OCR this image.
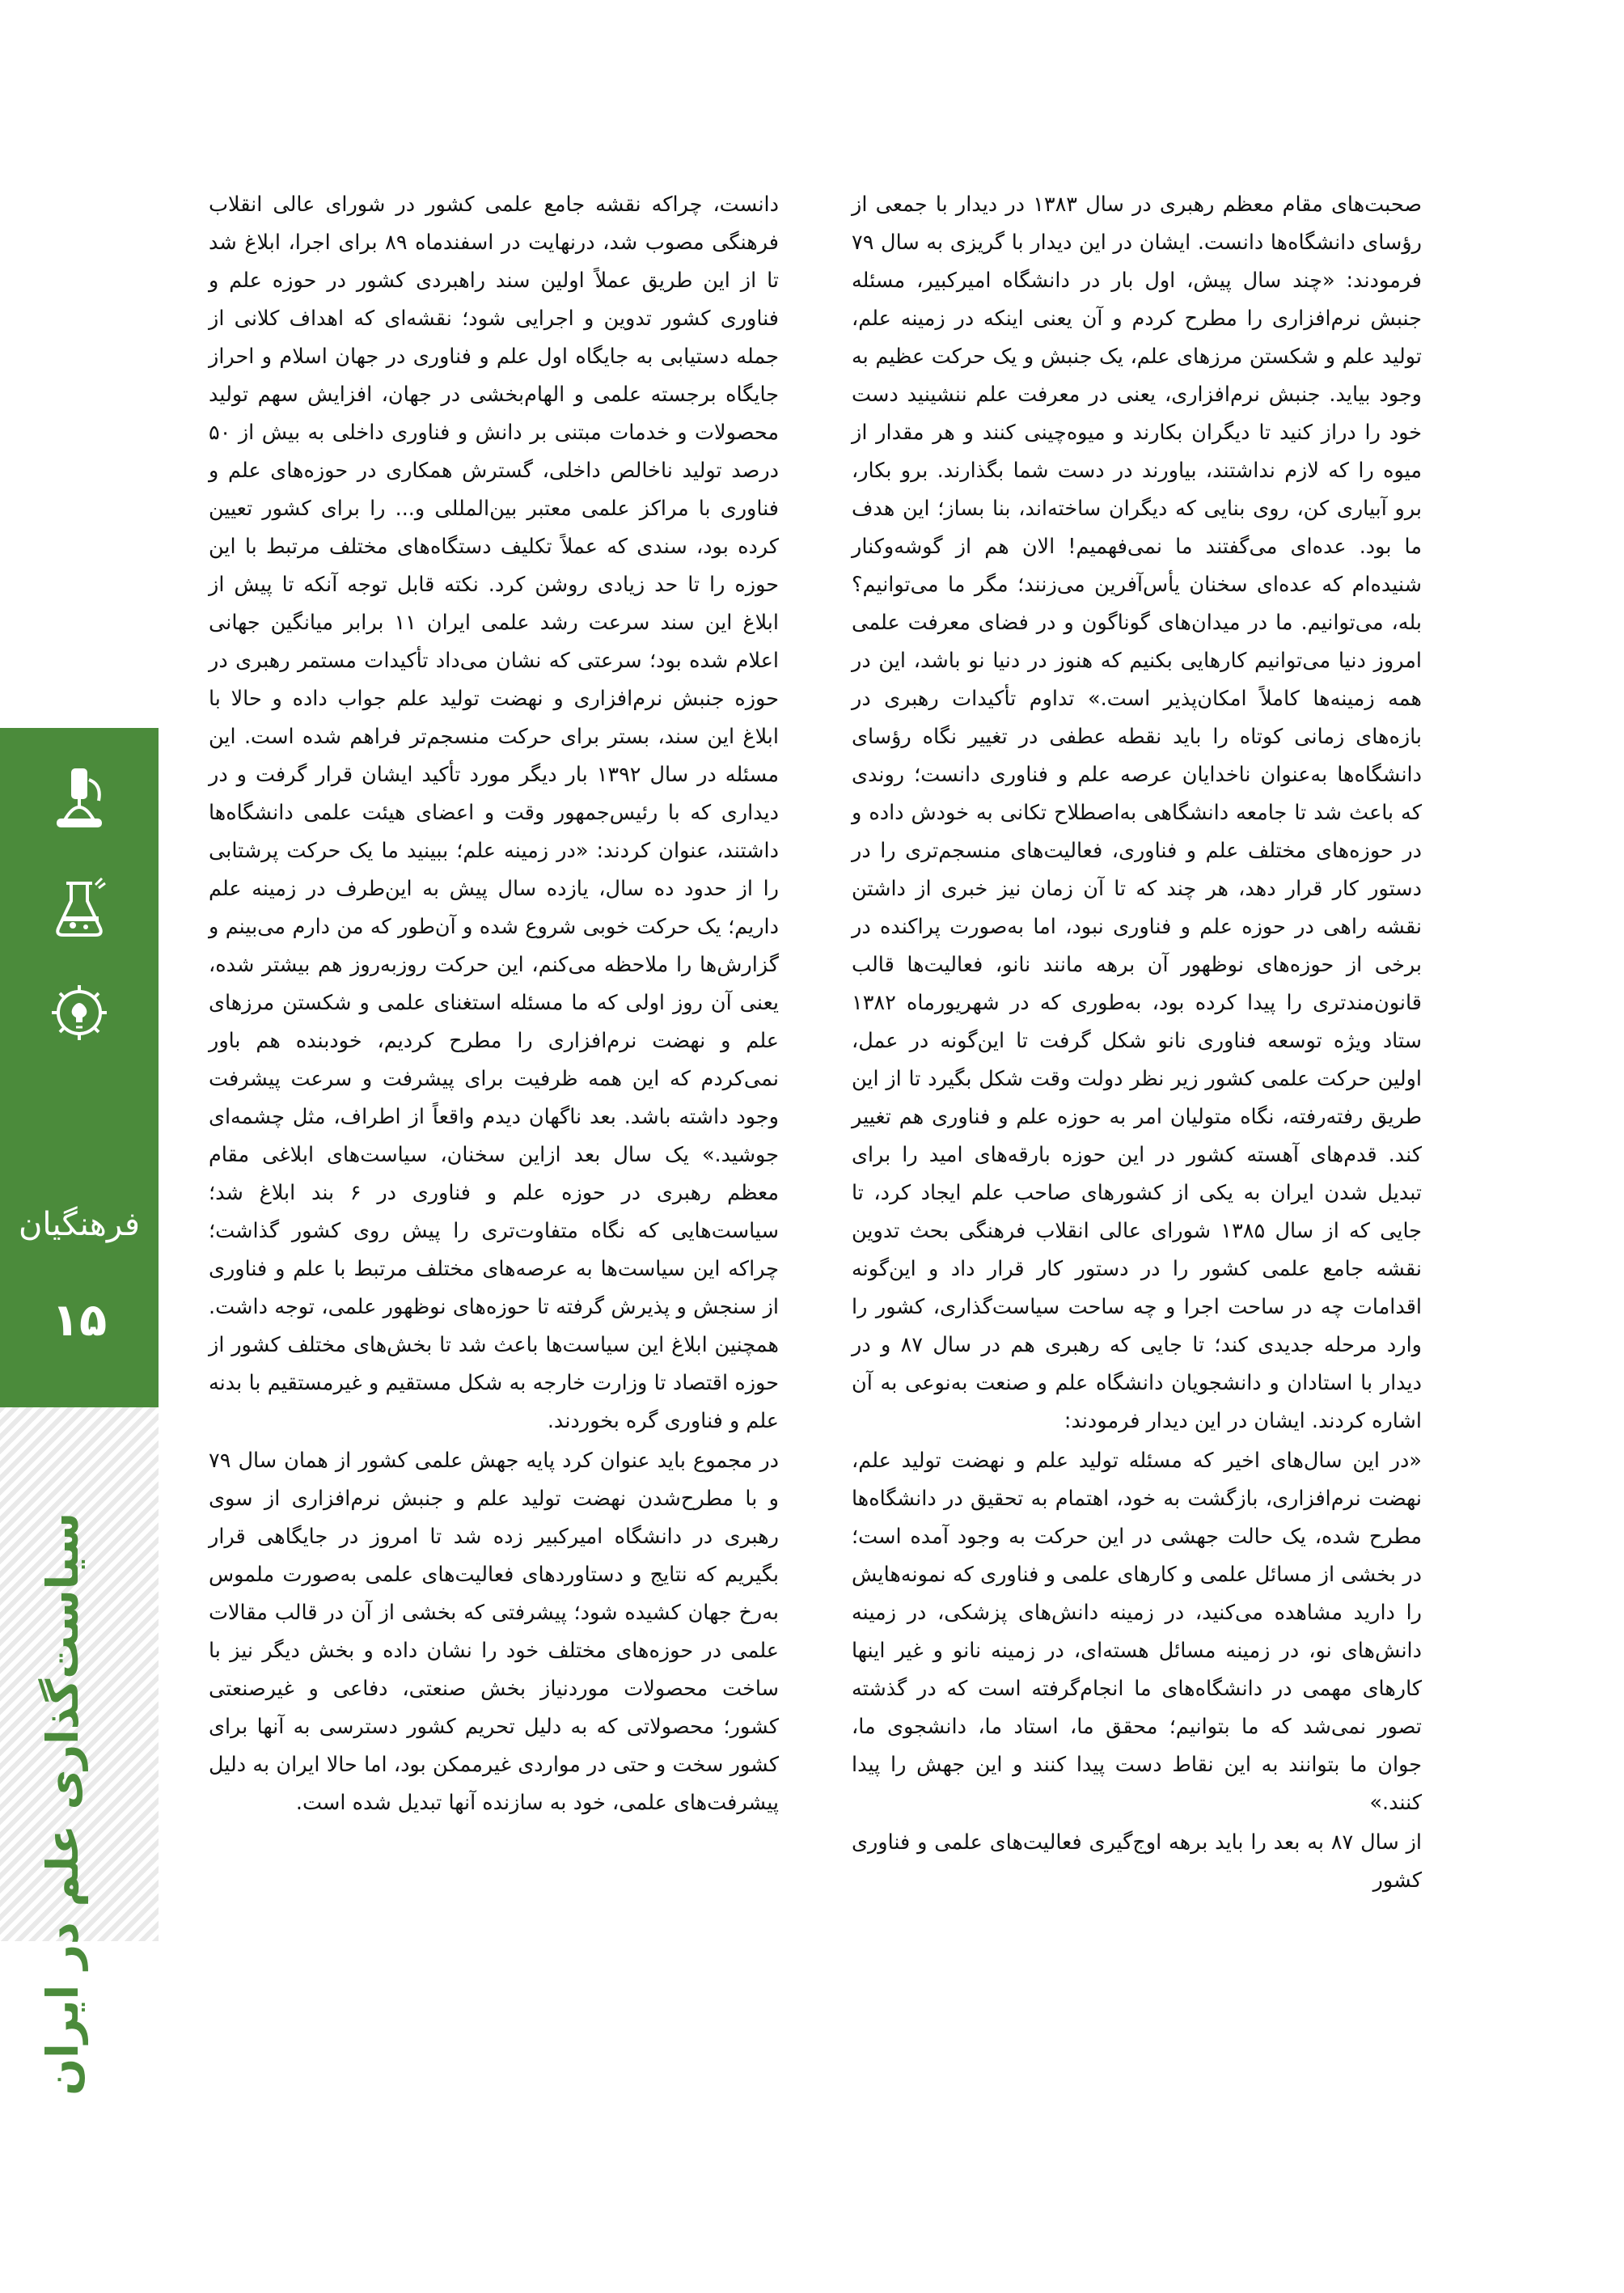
فرهنگیان
۱۵
سیاست‌گذاری علم در ایران

صحبت‌های مقام معظم رهبری در سال ۱۳۸۳ در دیدار با جمعی از رؤسای دانشگاه‌ها دانست. ایشان در این دیدار با گریزی به سال ۷۹ فرمودند: «چند سال پیش، اول بار در دانشگاه امیرکبیر، مسئله جنبش نرم‌افزاری را مطرح کردم و آن یعنی اینکه در زمینه علم، تولید علم و شکستن مرزهای علم، یک جنبش و یک حرکت عظیم به وجود بیاید. جنبش نرم‌افزاری، یعنی در معرفت علم ننشینید دست خود را دراز کنید تا دیگران بکارند و میوه‌چینی کنند و هر مقدار از میوه را که لازم نداشتند، بیاورند در دست شما بگذارند. برو بکار، برو آبیاری کن، روی بنایی که دیگران ساخته‌اند، بنا بساز؛ این هدف ما بود. عده‌ای می‌گفتند ما نمی‌فهمیم! الان هم از گوشه‌وکنار شنیده‌ام که عده‌ای سخنان یأس‌آفرین می‌زنند؛ مگر ما می‌توانیم؟ بله، می‌توانیم. ما در میدان‌های گوناگون و در فضای معرفت علمی امروز دنیا می‌توانیم کارهایی بکنیم که هنوز در دنیا نو باشد، این در همه زمینه‌ها کاملاً امکان‌پذیر است.» تداوم تأکیدات رهبری در بازه‌های زمانی کوتاه را باید نقطه عطفی در تغییر نگاه رؤسای دانشگاه‌ها به‌عنوان ناخدایان عرصه علم و فناوری دانست؛ روندی که باعث شد تا جامعه دانشگاهی به‌اصطلاح تکانی به خودش داده و در حوزه‌های مختلف علم و فناوری، فعالیت‌های منسجم‌تری را در دستور کار قرار دهد، هر چند که تا آن زمان نیز خبری از داشتن نقشه راهی در حوزه علم و فناوری نبود، اما به‌صورت پراکنده در برخی از حوزه‌های نوظهور آن برهه مانند نانو، فعالیت‌ها قالب قانون‌مندتری را پیدا کرده بود، به‌طوری که در شهریورماه ۱۳۸۲ ستاد ویژه توسعه فناوری نانو شکل گرفت تا این‌گونه در عمل، اولین حرکت علمی کشور زیر نظر دولت وقت شکل بگیرد تا از این طریق رفته‌رفته، نگاه متولیان امر به حوزه علم و فناوری هم تغییر کند. قدم‌های آهسته کشور در این حوزه بارقه‌های امید را برای تبدیل شدن ایران به یکی از کشورهای صاحب علم ایجاد کرد، تا جایی که از سال ۱۳۸۵ شورای عالی انقلاب فرهنگی بحث تدوین نقشه جامع علمی کشور را در دستور کار قرار داد و این‌گونه اقدامات چه در ساحت اجرا و چه ساحت سیاست‌گذاری، کشور را وارد مرحله جدیدی کند؛ تا جایی که رهبری هم در سال ۸۷ و در دیدار با استادان و دانشجویان دانشگاه علم و صنعت به‌نوعی به آن اشاره کردند. ایشان در این دیدار فرمودند:

«در این سال‌های اخیر که مسئله تولید علم و نهضت تولید علم، نهضت نرم‌افزاری، بازگشت به خود، اهتمام به تحقیق در دانشگاه‌ها مطرح شده، یک حالت جهشی در این حرکت به وجود آمده است؛ در بخشی از مسائل علمی و کارهای علمی و فناوری که نمونه‌هایش را دارید مشاهده می‌کنید، در زمینه دانش‌های پزشکی، در زمینه دانش‌های نو، در زمینه مسائل هسته‌ای، در زمینه نانو و غیر اینها کارهای مهمی در دانشگاه‌های ما انجام‌گرفته است که در گذشته تصور نمی‌شد که ما بتوانیم؛ محقق ما، استاد ما، دانشجوی ما، جوان ما بتوانند به این نقاط دست پیدا کنند و این جهش را پیدا کنند.»

از سال ۸۷ به بعد را باید برهه اوج‌گیری فعالیت‌های علمی و فناوری کشور

دانست، چراکه نقشه جامع علمی کشور در شورای عالی انقلاب فرهنگی مصوب شد، درنهایت در اسفندماه ۸۹ برای اجرا، ابلاغ شد تا از این طریق عملاً اولین سند راهبردی کشور در حوزه علم و فناوری کشور تدوین و اجرایی شود؛ نقشه‌ای که اهداف کلانی از جمله دستیابی به جایگاه اول علم و فناوری در جهان اسلام و احراز جایگاه برجسته علمی و الهام‌بخشی در جهان، افزایش سهم تولید محصولات و خدمات مبتنی بر دانش و فناوری داخلی به بیش از ۵۰ درصد تولید ناخالص داخلی، گسترش همکاری در حوزه‌های علم و فناوری با مراکز علمی معتبر بین‌المللی و... را برای کشور تعیین کرده بود، سندی که عملاً تکلیف دستگاه‌های مختلف مرتبط با این حوزه را تا حد زیادی روشن کرد. نکته قابل توجه آنکه تا پیش از ابلاغ این سند سرعت رشد علمی ایران ۱۱ برابر میانگین جهانی اعلام شده بود؛ سرعتی که نشان می‌داد تأکیدات مستمر رهبری در حوزه جنبش نرم‌افزاری و نهضت تولید علم جواب داده و حالا با ابلاغ این سند، بستر برای حرکت منسجم‌تر فراهم شده است. این مسئله در سال ۱۳۹۲ بار دیگر مورد تأکید ایشان قرار گرفت و در دیداری که با رئیس‌جمهور وقت و اعضای هیئت علمی دانشگاه‌ها داشتند، عنوان کردند: «در زمینه علم؛ ببینید ما یک حرکت پرشتابی را از حدود ده سال، یازده سال پیش به این‌طرف در زمینه علم داریم؛ یک حرکت خوبی شروع شده و آن‌طور که من دارم می‌بینم و گزارش‌ها را ملاحظه می‌کنم، این حرکت روزبه‌روز هم بیشتر شده، یعنی آن روز اولی که ما مسئله استغنای علمی و شکستن مرزهای علم و نهضت نرم‌افزاری را مطرح کردیم، خودبنده هم باور نمی‌کردم که این همه ظرفیت برای پیشرفت و سرعت پیشرفت وجود داشته باشد. بعد ناگهان دیدم واقعاً از اطراف، مثل چشمه‌ای جوشید.» یک سال بعد ازاین سخنان، سیاست‌های ابلاغی مقام معظم رهبری در حوزه علم و فناوری در ۶ بند ابلاغ شد؛ سیاست‌هایی که نگاه متفاوت‌تری را پیش روی کشور گذاشت؛ چراکه این سیاست‌ها به عرصه‌های مختلف مرتبط با علم و فناوری از سنجش و پذیرش گرفته تا حوزه‌های نوظهور علمی، توجه داشت. همچنین ابلاغ این سیاست‌ها باعث شد تا بخش‌های مختلف کشور از حوزه اقتصاد تا وزارت خارجه به شکل مستقیم و غیرمستقیم با بدنه علم و فناوری گره بخوردند.

در مجموع باید عنوان کرد پایه جهش علمی کشور از همان سال ۷۹ و با مطرح‌شدن نهضت تولید علم و جنبش نرم‌افزاری از سوی رهبری در دانشگاه امیرکبیر زده شد تا امروز در جایگاهی قرار بگیریم که نتایج و دستاوردهای فعالیت‌های علمی به‌صورت ملموس به‌رخ جهان کشیده شود؛ پیشرفتی که بخشی از آن در قالب مقالات علمی در حوزه‌های مختلف خود را نشان داده و بخش دیگر نیز با ساخت محصولات موردنیاز بخش صنعتی، دفاعی و غیرصنعتی کشور؛ محصولاتی که به دلیل تحریم کشور دسترسی به آنها برای کشور سخت و حتی در مواردی غیرممکن بود، اما حالا ایران به دلیل پیشرفت‌های علمی، خود به سازنده آنها تبدیل شده است.
